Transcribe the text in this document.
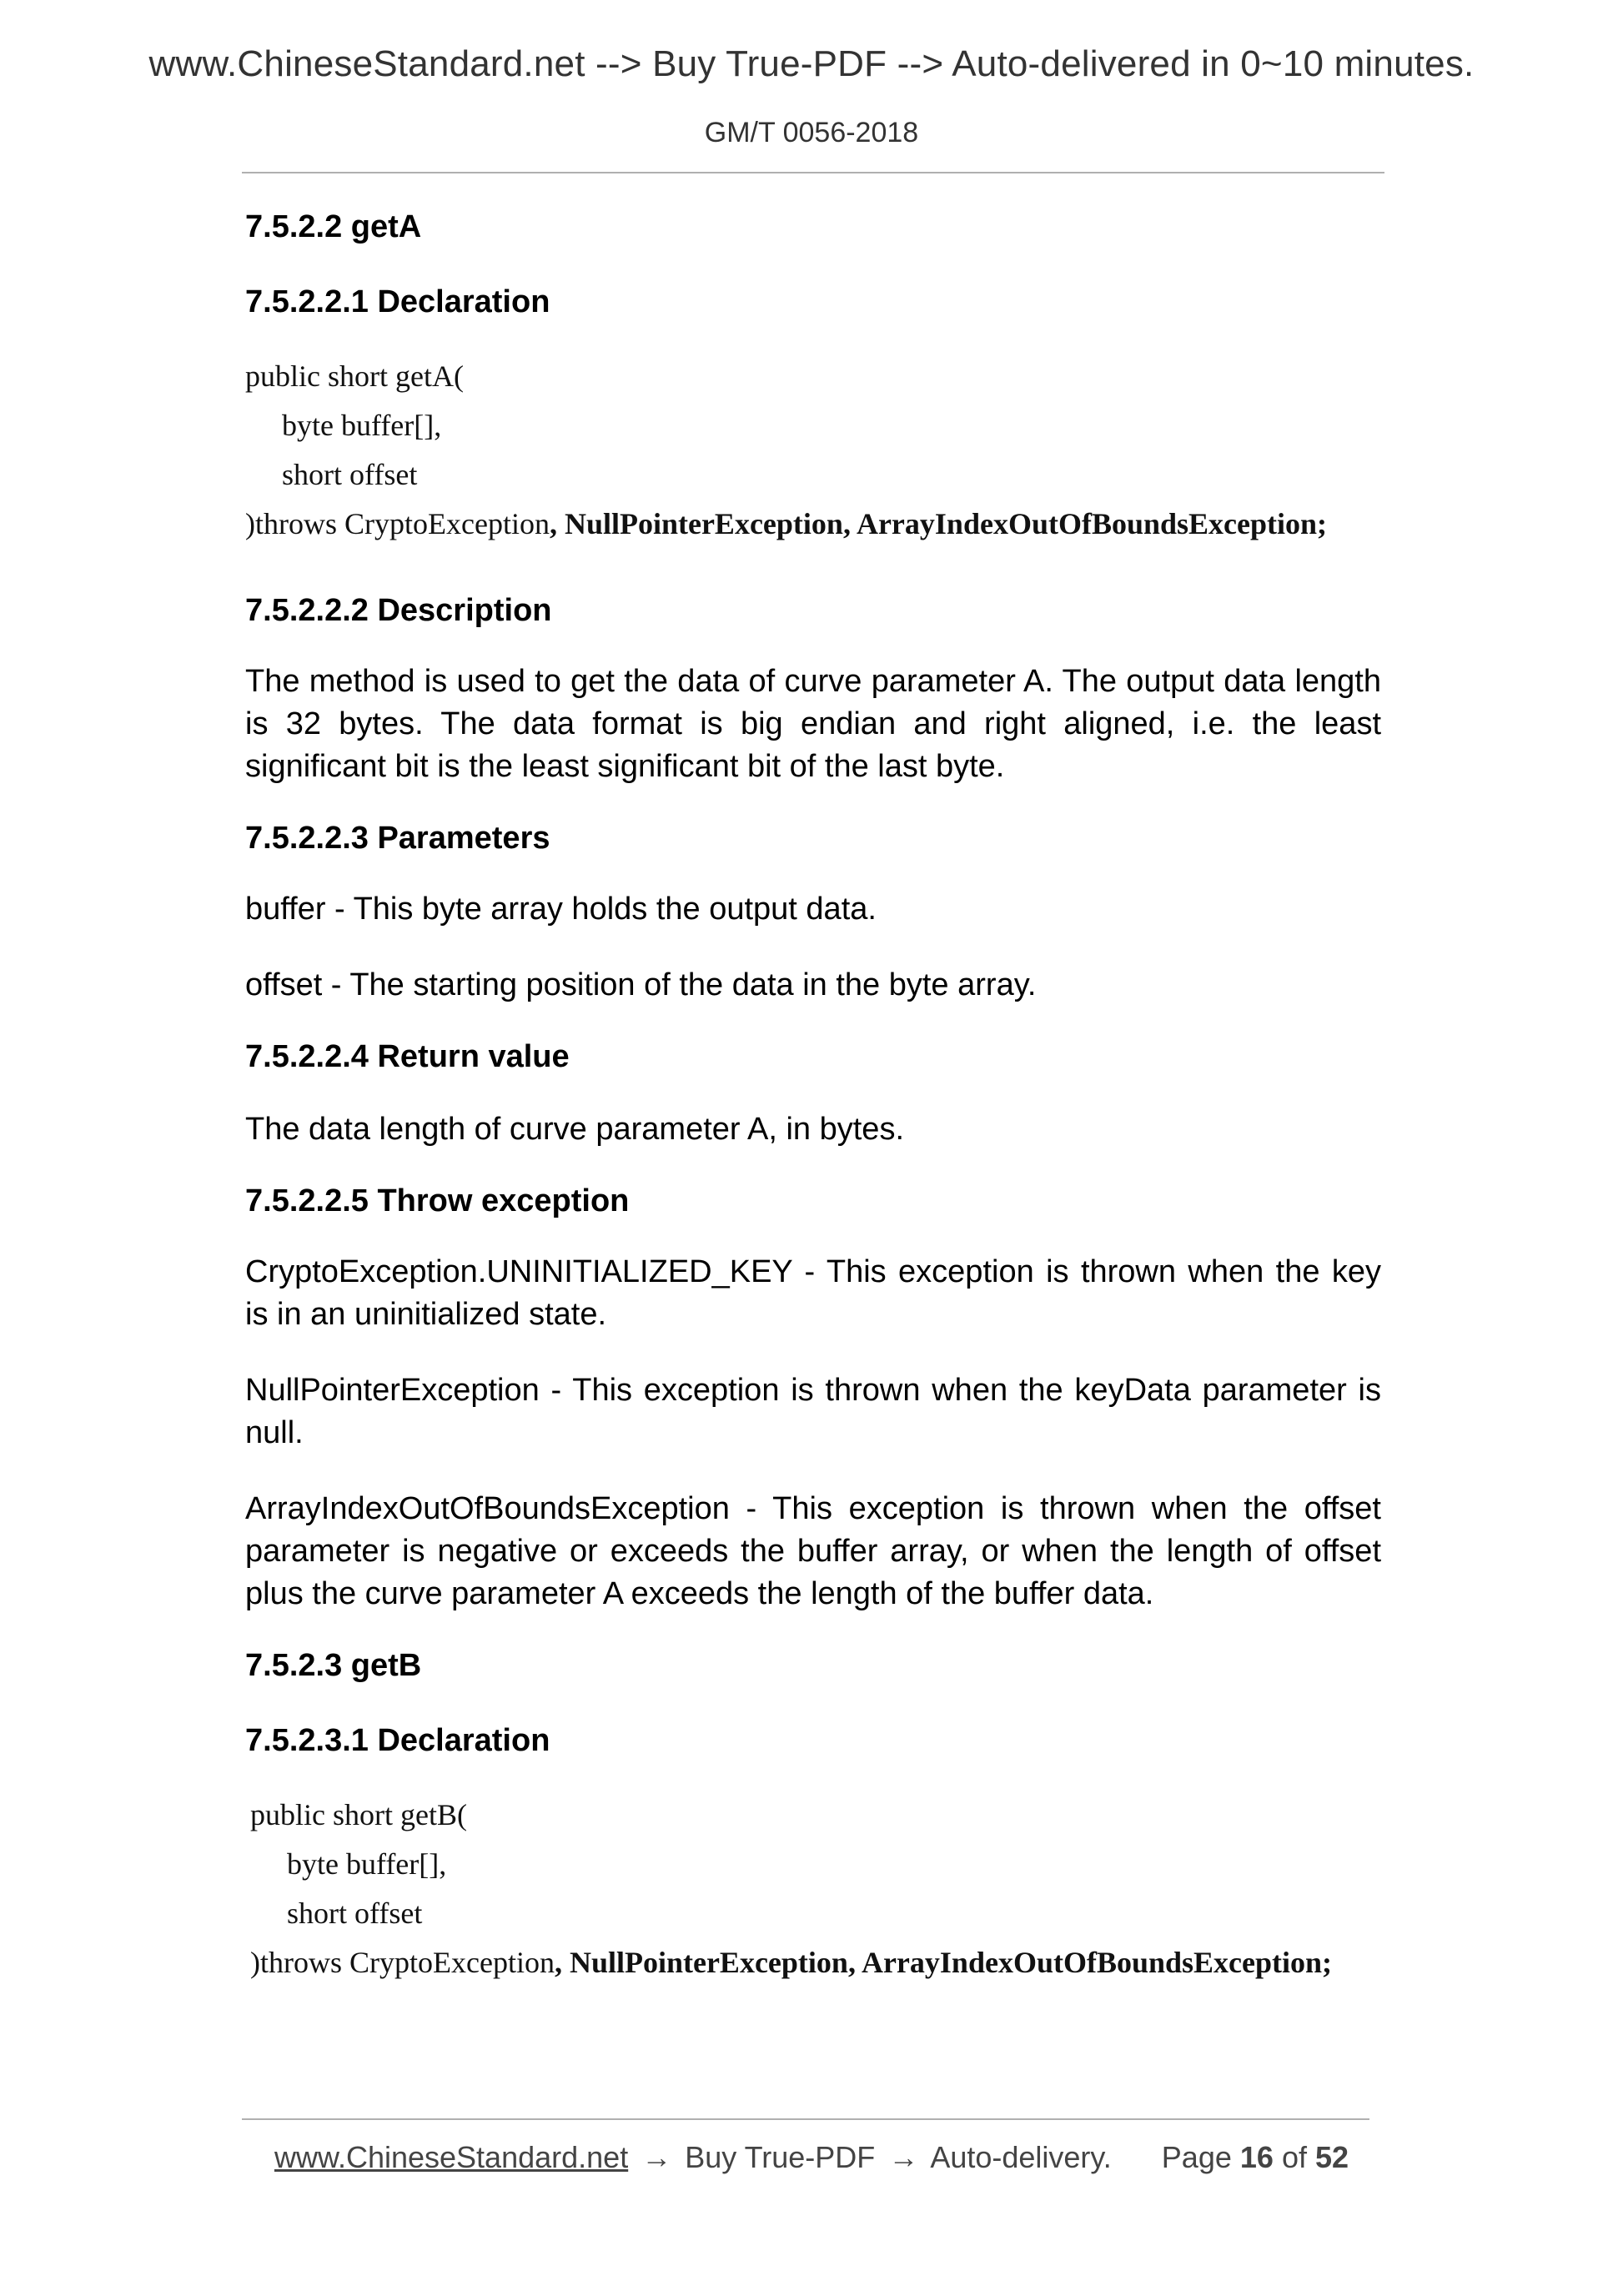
www.ChineseStandard.net --> Buy True-PDF --> Auto-delivered in 0~10 minutes.
GM/T 0056-2018
7.5.2.2 getA
7.5.2.2.1 Declaration
public short getA(
byte buffer[],
short offset
)throws CryptoException, NullPointerException, ArrayIndexOutOfBoundsException;
7.5.2.2.2 Description
The method is used to get the data of curve parameter A. The output data length is 32 bytes. The data format is big endian and right aligned, i.e. the least significant bit is the least significant bit of the last byte.
7.5.2.2.3 Parameters
buffer - This byte array holds the output data.
offset - The starting position of the data in the byte array.
7.5.2.2.4 Return value
The data length of curve parameter A, in bytes.
7.5.2.2.5 Throw exception
CryptoException.UNINITIALIZED_KEY - This exception is thrown when the key is in an uninitialized state.
NullPointerException - This exception is thrown when the keyData parameter is null.
ArrayIndexOutOfBoundsException - This exception is thrown when the offset parameter is negative or exceeds the buffer array, or when the length of offset plus the curve parameter A exceeds the length of the buffer data.
7.5.2.3 getB
7.5.2.3.1 Declaration
public short getB(
byte buffer[],
short offset
)throws CryptoException, NullPointerException, ArrayIndexOutOfBoundsException;
www.ChineseStandard.net → Buy True-PDF → Auto-delivery. Page 16 of 52
